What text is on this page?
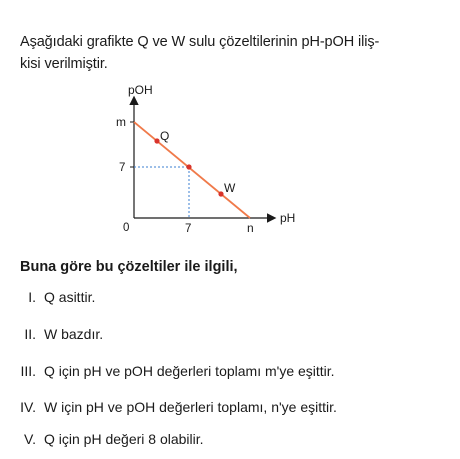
Aşağıdaki grafikte Q ve W sulu çözeltilerinin pH-pOH iliş-
kisi verilmiştir.
pOH
pH
0
m
7
7	n
Q
W
Buna göre bu çözeltiler ile ilgili,
I. Q asittir.
II. W bazdır.
III. Q için pH ve pOH değerleri toplamı m'ye eşittir.
IV. W için pH ve pOH değerleri toplamı, n'ye eşittir.
V. Q için pH değeri 8 olabilir.
